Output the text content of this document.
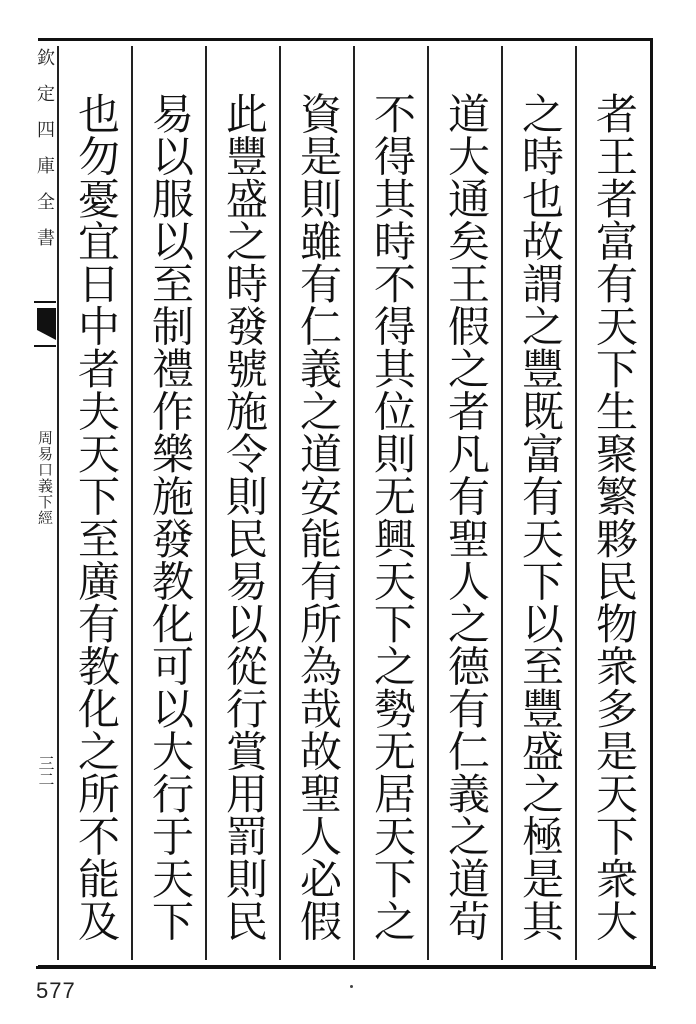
欽定四庫全書
周易口義下經
三二	者王者富有天下生聚繁夥民物衆多是天下衆大
之時也故謂之豐既富有天下以至豐盛之極是其
道大通矣王假之者凡有聖人之德有仁義之道茍
不得其時不得其位則无興天下之勢无居天下之
資是則雖有仁義之道安能有所為哉故聖人必假
此豐盛之時發號施令則民易以從行賞用罰則民
易以服以至制禮作樂施發教化可以大行于天下
也勿憂宜日中者夫天下至廣有教化之所不能及
577
